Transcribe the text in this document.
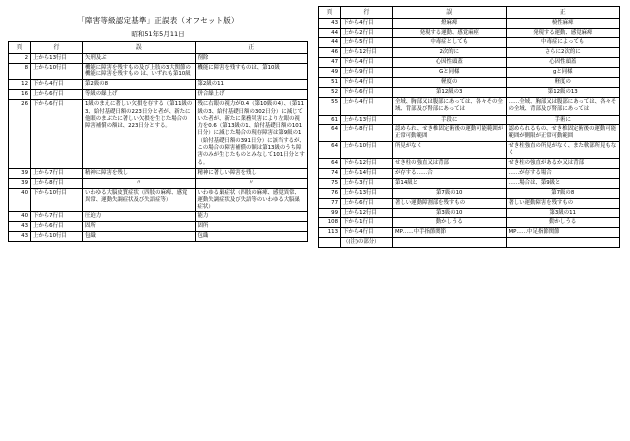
「障害等級認定基準」正誤表（オフセット版）
昭和51年5月11日
頁	行	誤	正
2	上から13行目	矢刑及ぶ	削除
8	上から10行目	機能に障害を残すもの及び上肢の3大関節の機能に障害を残すもの は、いずれも第10級	機能に障害を残すものは、第10級
12	下から4行目	第2級の8	第2級の11
16	上から6行目	等級の繰上げ	併合繰上げ
26	下から6行目	1級のまえに著しい欠損を存する（第11級の3、給付基礎日額の223日分と者が、新たに他眼のまぶたに著しい欠損を生じた場合の障害補償の額は、223日分とする。	残に右眼の視力が0.4（第10級の4）、（第11級の3、給付基礎日額の302日分）に減じていた者が、新たに業務災害により左眼の視力を0.6（第13級の1、給付基礎日額の101日分）に減じた場合の現存障害は第9級の1（給付基礎日額の391日分）に該当するが、この場合の障害補償の額は第13級のうち障害のみが生じたものとみなして101日分とする。
39	上から7行目	精神に障害を残し	精神に著しい障害を残し
39	上から8行目	〃	〃
40	下から10行目	いわゆる大脳皮質症状（四肢の麻痺、感覚異常、運動失調症状及び失語症等）	いわゆる巣症状（四肢の麻痺、感覚異常、運動失調症状及び失語等のいわゆる大脳巣症状）
40	下から7行目	圧迫力	能力
43	上から6行目	固所	固所
43	上から10行目	包織	包織
頁	行	誤	正
43	下から4行目	燈麻痺	橈性麻痺
44	上から2行目	発現する運動、感覚麻痙	発現する運動、感覚麻痺
44	上から5行目	中毒症としても	中毒症によっても
46	上から12行目	2次的に	さらに2次的に
47	下から4行目	心因性頭蓋	心因性頭蓋
49	上から9行目	Gと同様	gと同様
51	下から4行目	軽度の	軽度の
52	下から6行目	第12級の3	第12級の13
55	上から4行目	全域、胸部又は腹部にあっては、各々その全域、背部及び腎部にあっては	……全域、胸部又は腹部にあっては、各々その全域、背部及び腎部にあっては
61	上から13行目	手段に	手術に
64	上から8行目	認められ、せき椎固定術後の運動可能範囲が正常可動範囲	認められるもの、せき椎固定術後の運動可能範囲が側限が正常可動範囲
64	上から10行目	所見がなく	せき柱強直の所見がなく、また軟部所見もなく
64	下から12行目	せき柱の強直又は背部	せき柱の強直があるか又は背部
74	上から14行目	が存する……合	……が存する場合
75	上から3行目	第14級と	……場合は、第9級と
76	上から13行目	第7級の10	第7級の8
77	上から6行目	著しい運動障割部を残すもの	著しい運動障害を残すもの
99	上から12行目	第3級の10	第3級の11
108	下から1行目	動かしうる	動かしうる
113	下から4行目	MP……中手指節関節	MP……中足指節関節
	（(注)の部分）		
